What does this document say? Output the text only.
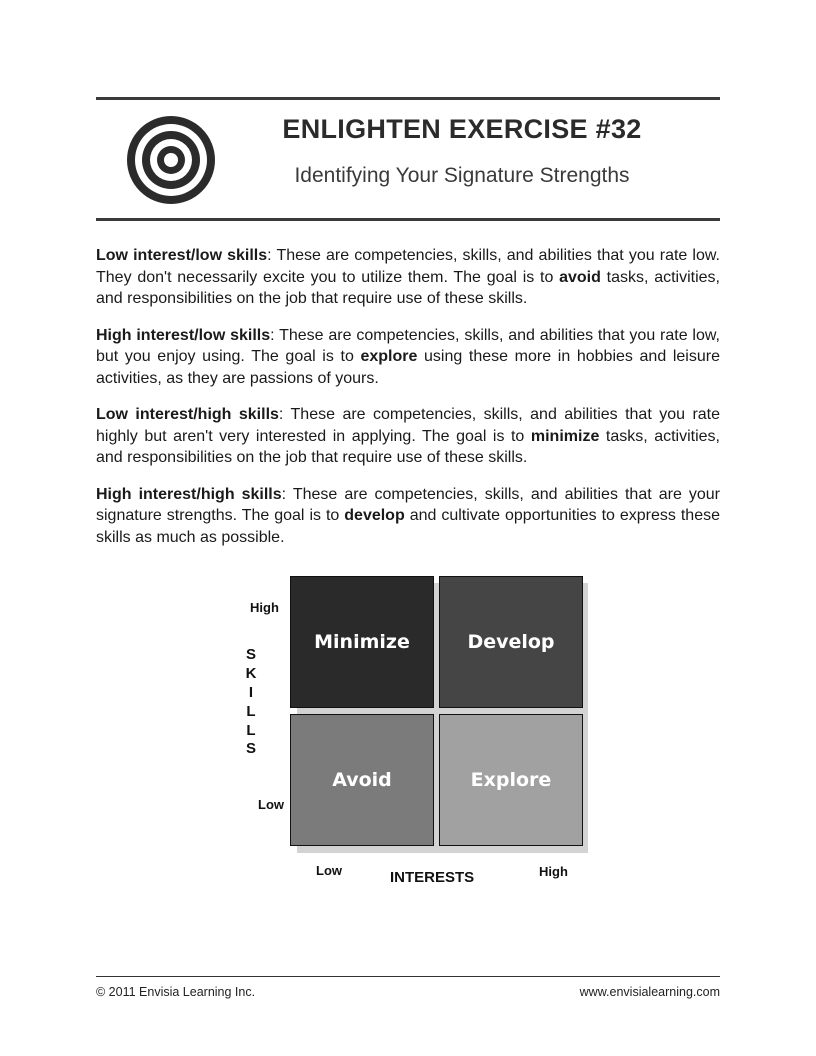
ENLIGHTEN EXERCISE #32
Identifying Your Signature Strengths

Low interest/low skills: These are competencies, skills, and abilities that you rate low. They don't necessarily excite you to utilize them. The goal is to avoid tasks, activities, and responsibilities on the job that require use of these skills.

High interest/low skills: These are competencies, skills, and abilities that you rate low, but you enjoy using. The goal is to explore using these more in hobbies and leisure activities, as they are passions of yours.

Low interest/high skills: These are competencies, skills, and abilities that you rate highly but aren't very interested in applying. The goal is to minimize tasks, activities, and responsibilities on the job that require use of these skills.

High interest/high skills: These are competencies, skills, and abilities that are your signature strengths. The goal is to develop and cultivate opportunities to express these skills as much as possible.

Minimize	Develop
Avoid	Explore
High
Low
S
K
I
L
L
S
Low	High
INTERESTS
© 2011 Envisia Learning Inc.	www.envisialearning.com
